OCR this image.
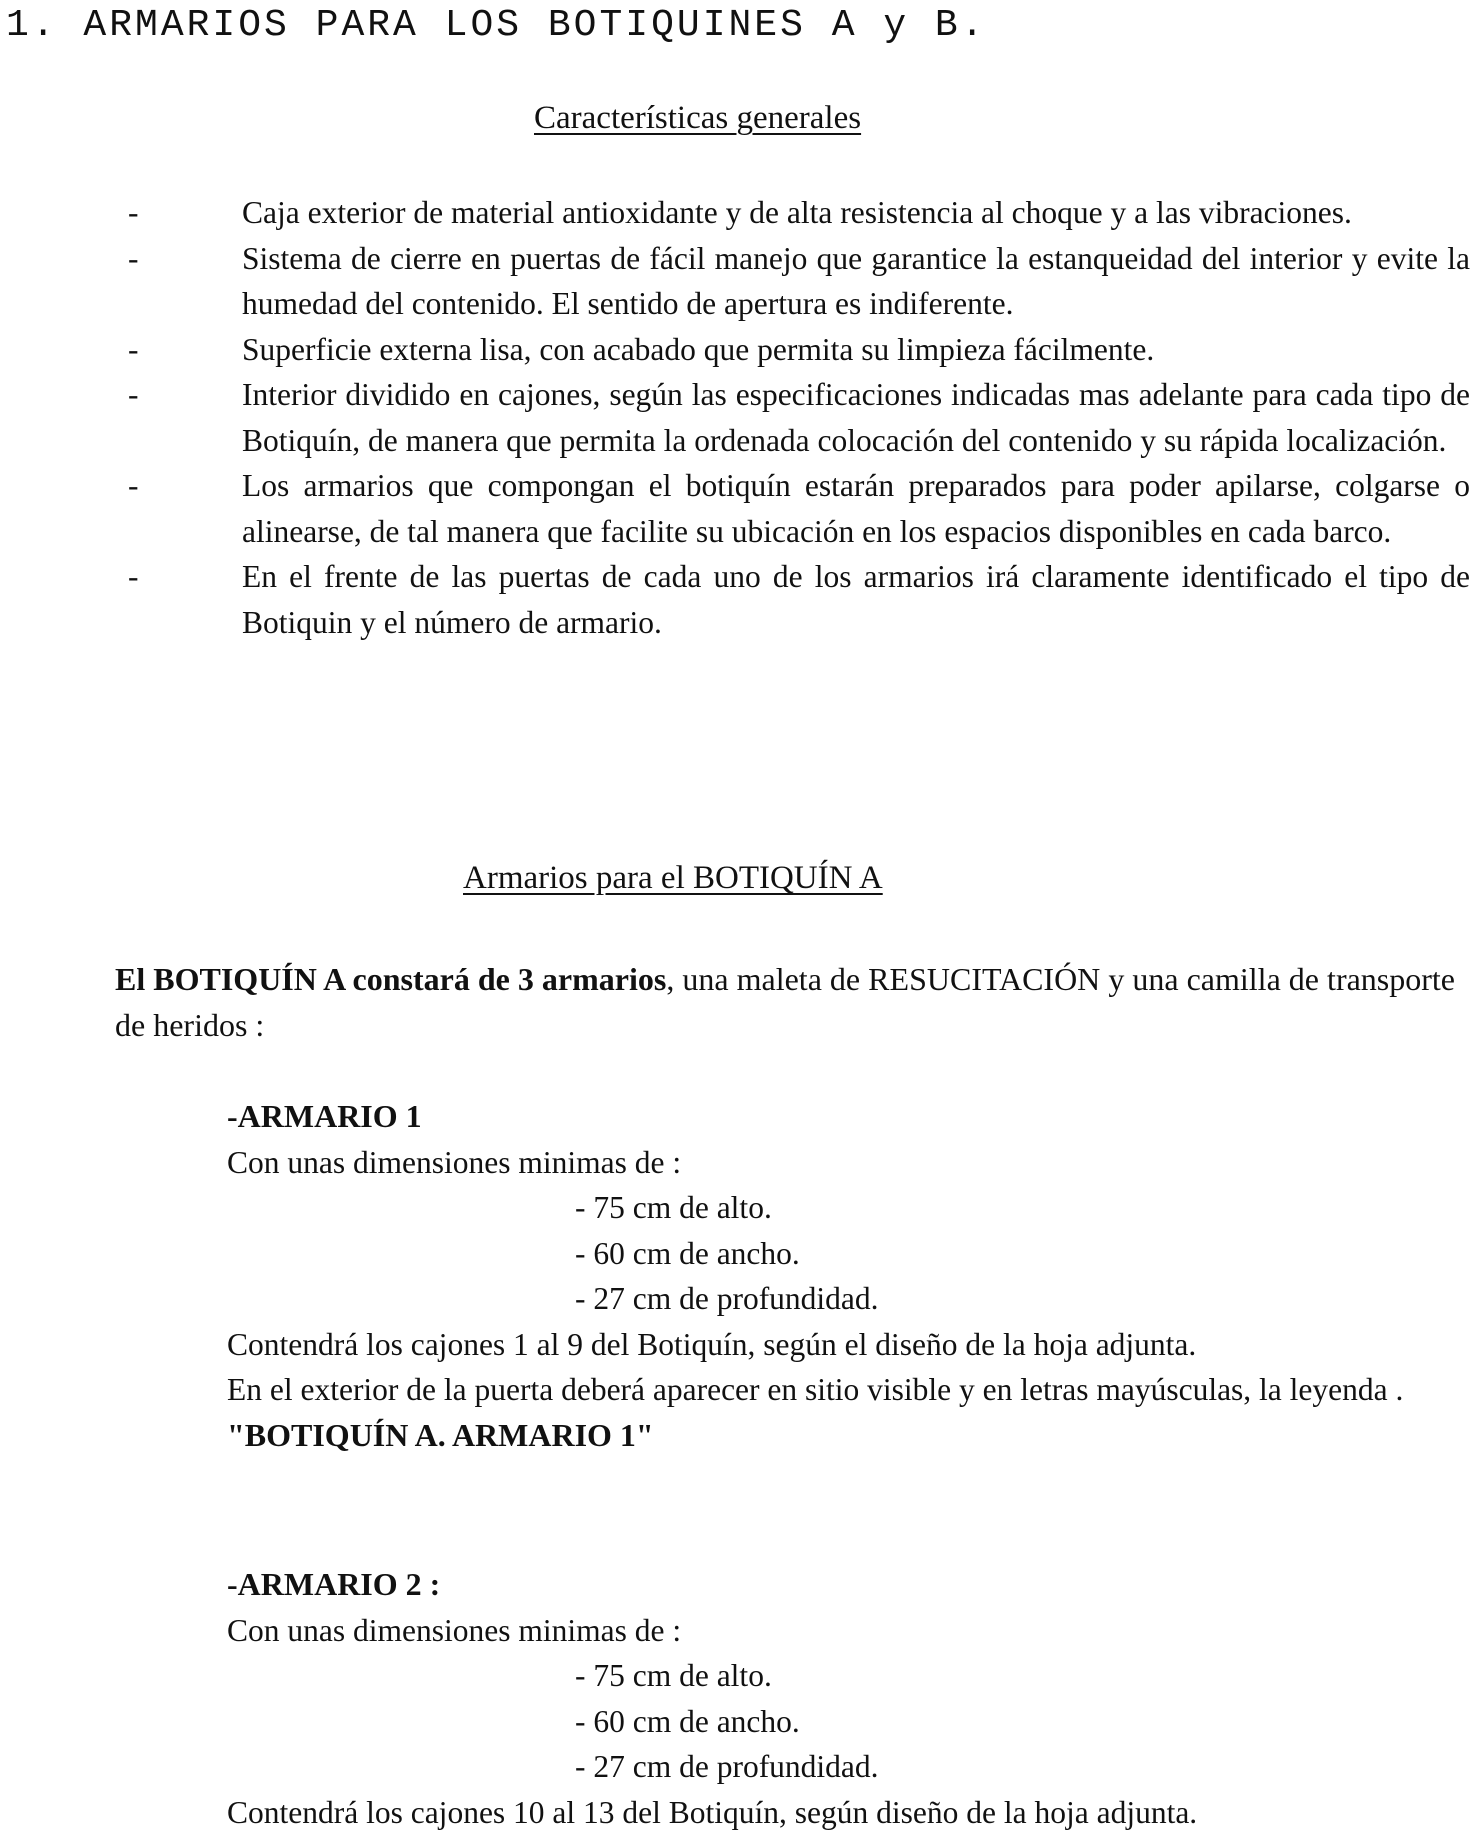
1. ARMARIOS PARA LOS BOTIQUINES A y B.
Características generales
-	Caja exterior de material antioxidante y de alta resistencia al choque y a las vibraciones.
-	Sistema de cierre en puertas de fácil manejo que garantice la estanqueidad del interior y evite la humedad del contenido. El sentido de apertura es indiferente.
-	Superficie externa lisa, con acabado que permita su limpieza fácilmente.
-	Interior dividido en cajones, según las especificaciones indicadas mas adelante para cada tipo de Botiquín, de manera que permita la ordenada colocación del contenido y su rápida localización.
-	Los armarios que compongan el botiquín estarán preparados para poder apilarse, colgarse o alinearse, de tal manera que facilite su ubicación en los espacios disponibles en cada barco.
-	En el frente de las puertas de cada uno de los armarios irá claramente identificado el tipo de Botiquin y el número de armario.
Armarios para el BOTIQUÍN A

El BOTIQUÍN A constará de 3 armarios, una maleta de RESUCITACIÓN y una camilla de transporte de heridos :

-ARMARIO 1
Con unas dimensiones minimas de :
- 75 cm de alto.
- 60 cm de ancho.
- 27 cm de profundidad.
Contendrá los cajones 1 al 9 del Botiquín, según el diseño de la hoja adjunta.
En el exterior de la puerta deberá aparecer en sitio visible y en letras mayúsculas, la leyenda .
"BOTIQUÍN A. ARMARIO 1"
-ARMARIO 2 :
Con unas dimensiones minimas de :
- 75 cm de alto.
- 60 cm de ancho.
- 27 cm de profundidad.
Contendrá los cajones 10 al 13 del Botiquín, según diseño de la hoja adjunta.
